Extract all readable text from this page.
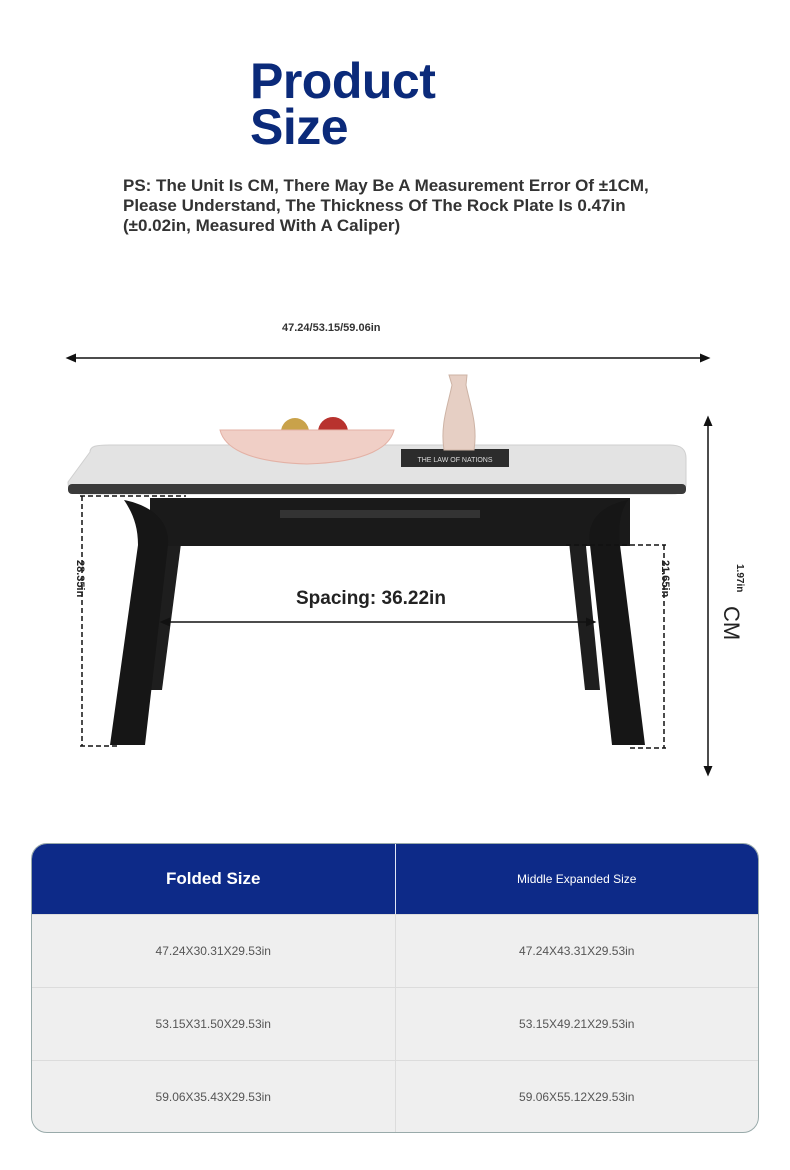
Product
Size
PS: The Unit Is CM, There May Be A Measurement Error Of ±1CM, Please Understand, The Thickness Of The Rock Plate Is 0.47in (±0.02in, Measured With A Caliper)
47.24/53.15/59.06in
THE LAW OF NATIONS
Spacing: 36.22in
28.35in	21.65in	1.97in
CM
Folded Size	Middle Expanded Size
47.24X30.31X29.53in	47.24X43.31X29.53in
53.15X31.50X29.53in	53.15X49.21X29.53in
59.06X35.43X29.53in	59.06X55.12X29.53in
